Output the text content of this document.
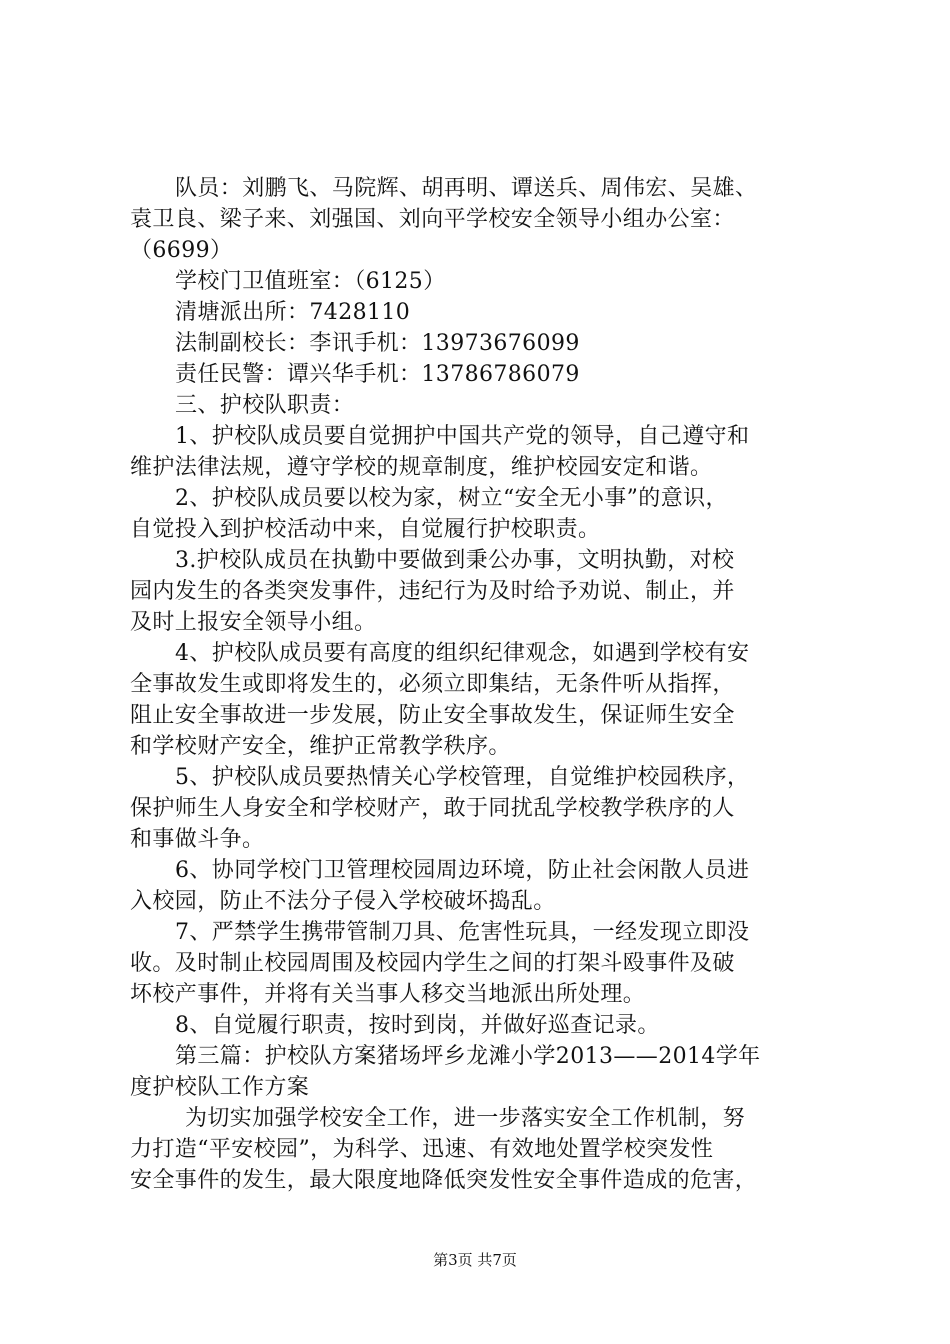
队员：刘鹏飞、马院辉、胡再明、谭送兵、周伟宏、吴雄、
袁卫良、梁子来、刘强国、刘向平学校安全领导小组办公室：
（6699）
学校门卫值班室：（6125）
清塘派出所：7428110
法制副校长：李讯手机：13973676099
责任民警：谭兴华手机：13786786079
三、护校队职责：
1、护校队成员要自觉拥护中国共产党的领导，自己遵守和
维护法律法规，遵守学校的规章制度，维护校园安定和谐。
2、护校队成员要以校为家，树立“安全无小事”的意识，
自觉投入到护校活动中来，自觉履行护校职责。
3.护校队成员在执勤中要做到秉公办事，文明执勤，对校
园内发生的各类突发事件，违纪行为及时给予劝说、制止，并
及时上报安全领导小组。
4、护校队成员要有高度的组织纪律观念，如遇到学校有安
全事故发生或即将发生的，必须立即集结，无条件听从指挥，
阻止安全事故进一步发展，防止安全事故发生，保证师生安全
和学校财产安全，维护正常教学秩序。
5、护校队成员要热情关心学校管理，自觉维护校园秩序，
保护师生人身安全和学校财产，敢于同扰乱学校教学秩序的人
和事做斗争。
6、协同学校门卫管理校园周边环境，防止社会闲散人员进
入校园，防止不法分子侵入学校破坏捣乱。
7、严禁学生携带管制刀具、危害性玩具，一经发现立即没
收。及时制止校园周围及校园内学生之间的打架斗殴事件及破
坏校产事件，并将有关当事人移交当地派出所处理。
8、自觉履行职责，按时到岗，并做好巡查记录。
第三篇：护校队方案猪场坪乡龙滩小学2013——2014学年
度护校队工作方案
为切实加强学校安全工作，进一步落实安全工作机制，努
力打造“平安校园”，为科学、迅速、有效地处置学校突发性
安全事件的发生，最大限度地降低突发性安全事件造成的危害，
第3页 共7页
